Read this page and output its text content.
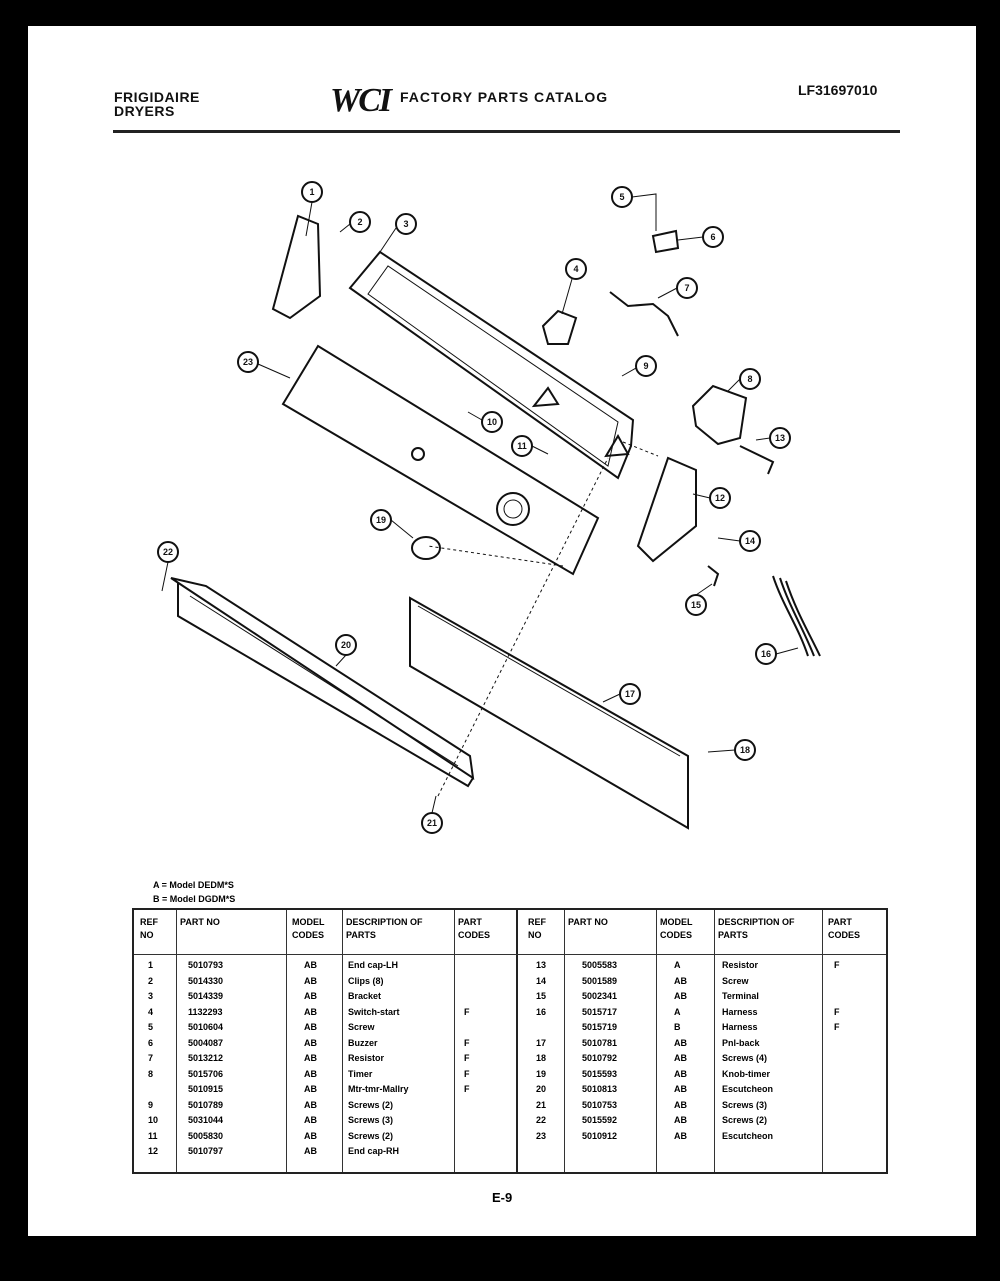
FRIGIDAIRE
DRYERS	WCI FACTORY PARTS CATALOG	LF31697010
1
2	3
4
5
6
7
8
9
10
11
12
13
14
15
16
17
18
19
20
21
22
23
A = Model DEDM*S
B = Model DGDM*S
REF NO
PART NO	MODEL CODES
DESCRIPTION OF PARTS
PART CODES
REF NO
PART NO	MODEL CODES
DESCRIPTION OF PARTS
PART CODES
1	5010793	AB	End cap-LH
2	5014330	AB	Clips (8)
3	5014339	AB	Bracket
4	1132293	AB	Switch-start	F
5	5010604	AB	Screw
6	5004087	AB	Buzzer	F
7	5013212	AB	Resistor	F
8	5015706	AB	Timer	F
5010915	AB	Mtr-tmr-Mallry	F
9	5010789	AB	Screws (2)
10	5031044	AB	Screws (3)
11	5005830	AB	Screws (2)
12	5010797	AB	End cap-RH
13	5005583	A	Resistor	F
14	5001589	AB	Screw
15	5002341	AB	Terminal
16	5015717	A	Harness	F
5015719	B	Harness	F
17	5010781	AB	Pnl-back
18	5010792	AB	Screws (4)
19	5015593	AB	Knob-timer
20	5010813	AB	Escutcheon
21	5010753	AB	Screws (3)
22	5015592	AB	Screws (2)
23	5010912	AB	Escutcheon
E-9
